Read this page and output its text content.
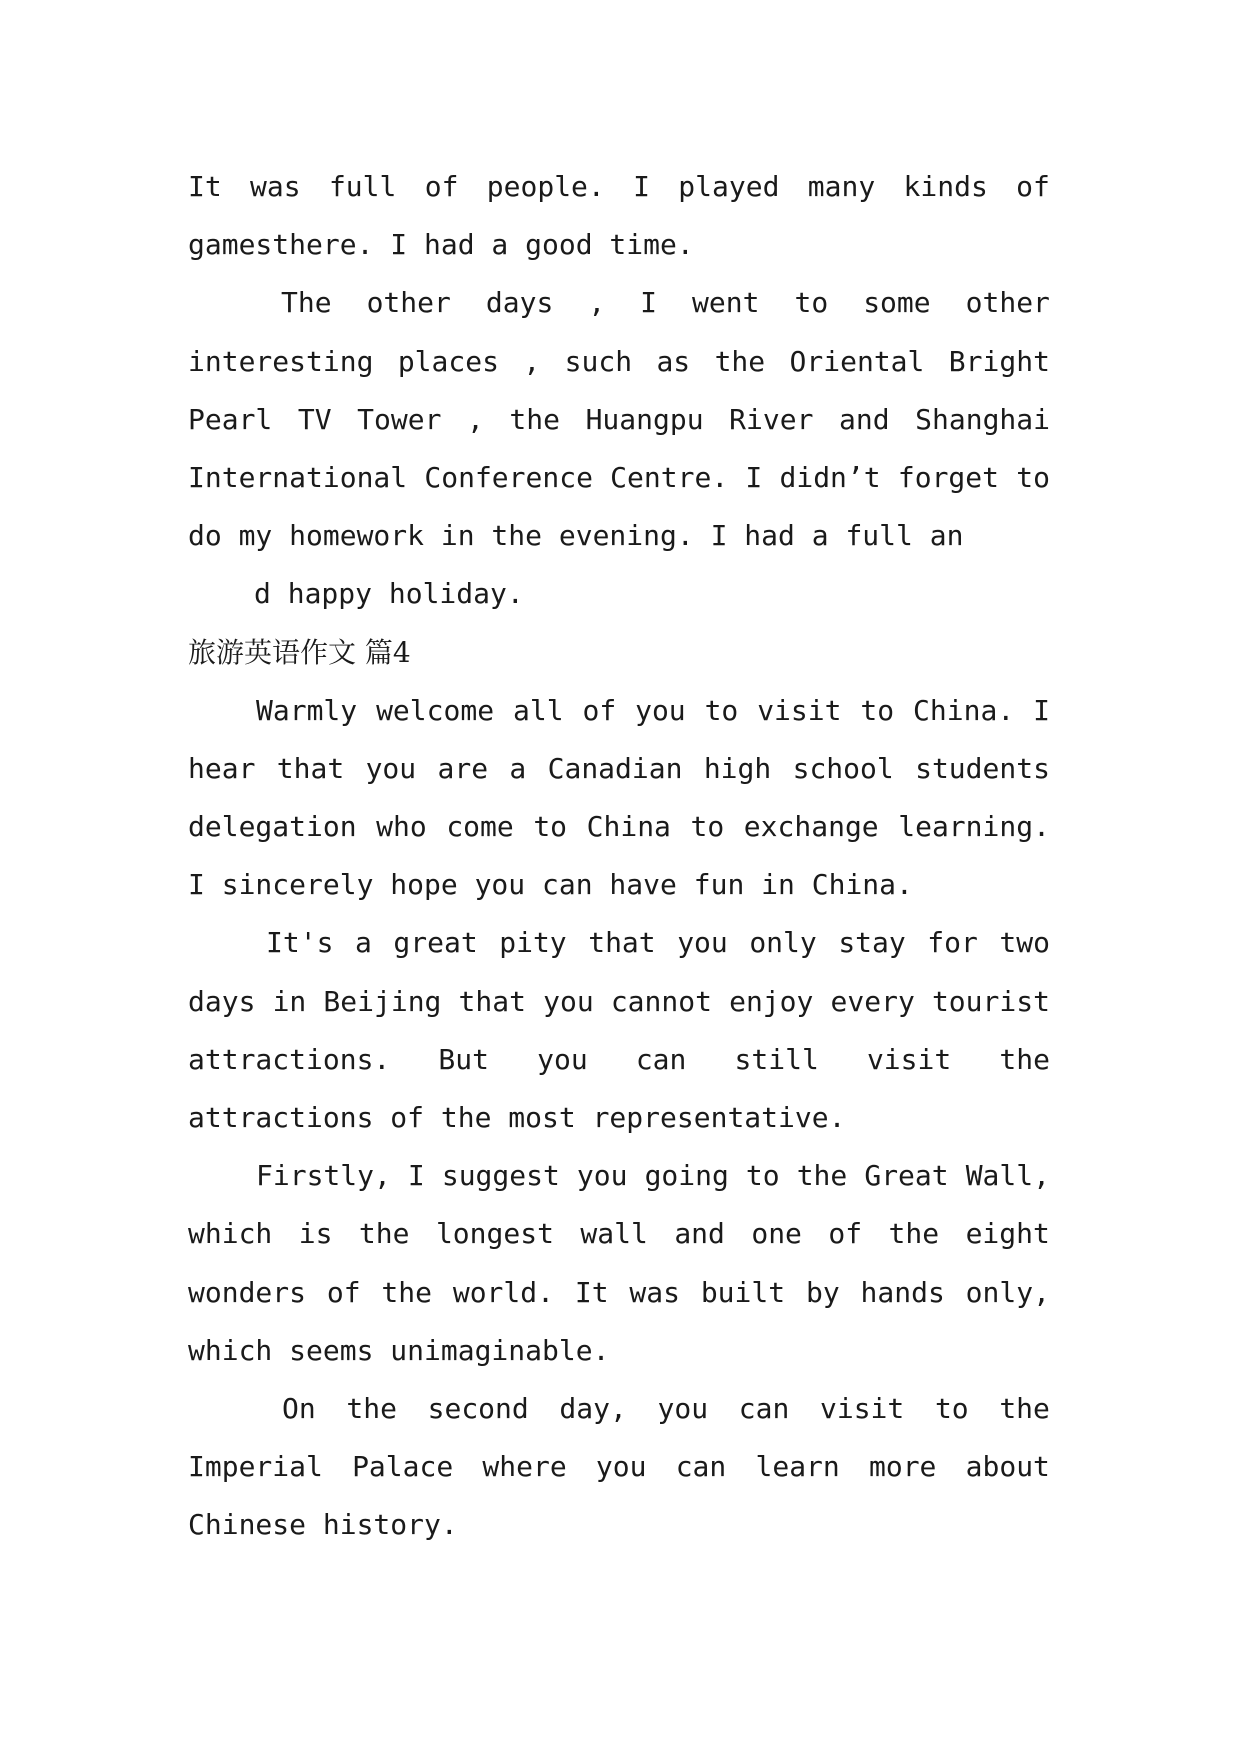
It was full of people. I played many kinds of
gamesthere. I had a good time.
The other days , I went to some other
interesting places , such as the Oriental Bright
Pearl TV Tower , the Huangpu River and Shanghai
International Conference Centre. I didn’t forget to
do my homework in the evening. I had a full an
d happy holiday.
旅游英语作文 篇4
Warmly welcome all of you to visit to China. I
hear that you are a Canadian high school students
delegation who come to China to exchange learning.
I sincerely hope you can have fun in China.
It's a great pity that you only stay for two
days in Beijing that you cannot enjoy every tourist
attractions. But you can still visit the
attractions of the most representative.
Firstly, I suggest you going to the Great Wall,
which is the longest wall and one of the eight
wonders of the world. It was built by hands only,
which seems unimaginable.
On the second day, you can visit to the
Imperial Palace where you can learn more about
Chinese history.
